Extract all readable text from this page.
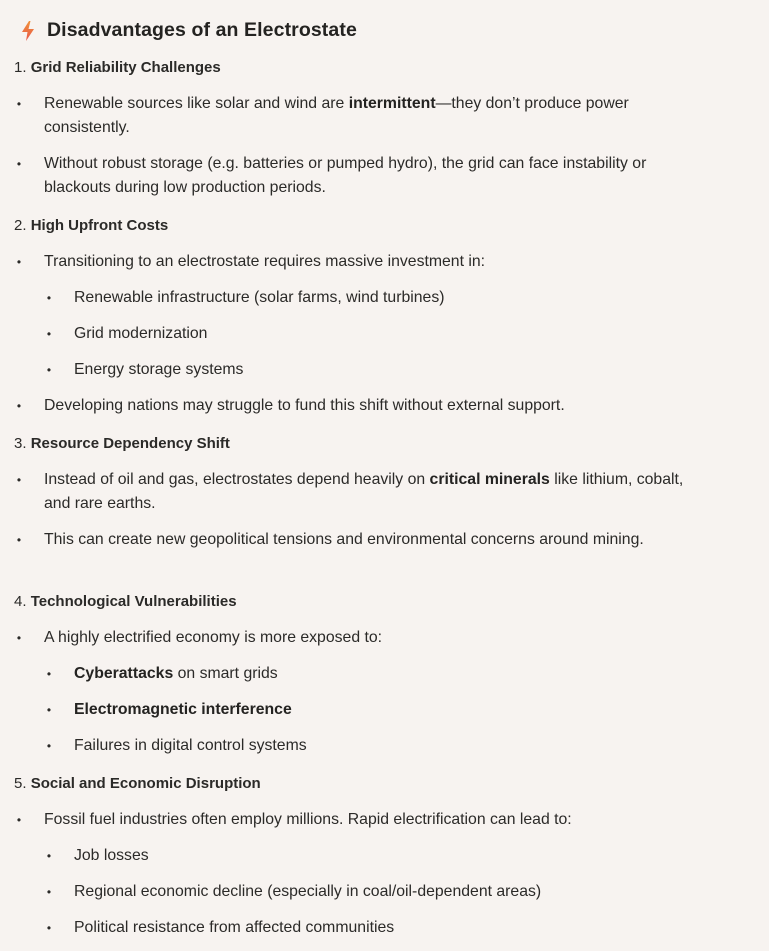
Disadvantages of an Electrostate
1. Grid Reliability Challenges
• Renewable sources like solar and wind are intermittent—they don’t produce power consistently.
• Without robust storage (e.g. batteries or pumped hydro), the grid can face instability or blackouts during low production periods.
2. High Upfront Costs
• Transitioning to an electrostate requires massive investment in:
• Renewable infrastructure (solar farms, wind turbines)
• Grid modernization
• Energy storage systems
• Developing nations may struggle to fund this shift without external support.
3. Resource Dependency Shift
• Instead of oil and gas, electrostates depend heavily on critical minerals like lithium, cobalt, and rare earths.
• This can create new geopolitical tensions and environmental concerns around mining.
4. Technological Vulnerabilities
• A highly electrified economy is more exposed to:
• Cyberattacks on smart grids
• Electromagnetic interference
• Failures in digital control systems
5. Social and Economic Disruption
• Fossil fuel industries often employ millions. Rapid electrification can lead to:
• Job losses
• Regional economic decline (especially in coal/oil-dependent areas)
• Political resistance from affected communities
